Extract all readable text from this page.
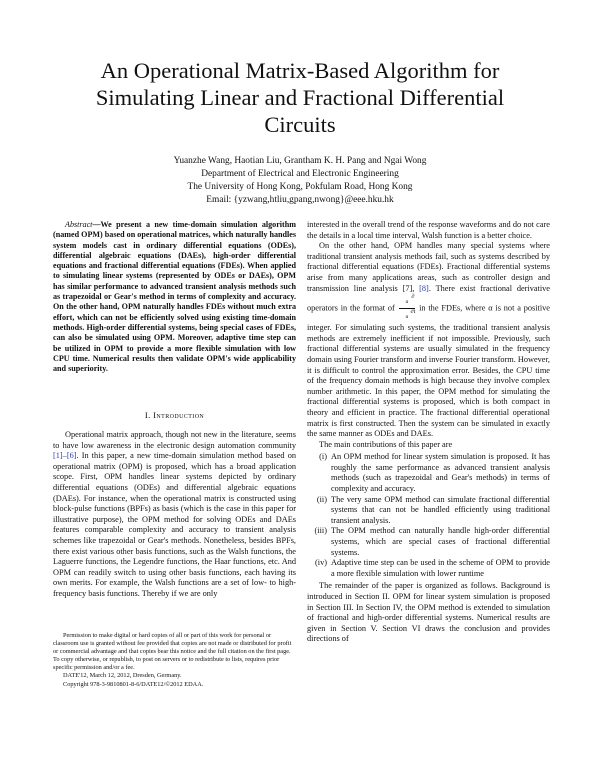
An Operational Matrix-Based Algorithm for Simulating Linear and Fractional Differential Circuits
Yuanzhe Wang, Haotian Liu, Grantham K. H. Pang and Ngai Wong
Department of Electrical and Electronic Engineering
The University of Hong Kong, Pokfulam Road, Hong Kong
Email: {yzwang,htliu,gpang,nwong}@eee.hku.hk

Abstract—We present a new time-domain simulation algorithm (named OPM) based on operational matrices, which naturally handles system models cast in ordinary differential equations (ODEs), differential algebraic equations (DAEs), high-order differential equations and fractional differential equations (FDEs). When applied to simulating linear systems (represented by ODEs or DAEs), OPM has similar performance to advanced transient analysis methods such as trapezoidal or Gear's method in terms of complexity and accuracy. On the other hand, OPM naturally handles FDEs without much extra effort, which can not be efficiently solved using existing time-domain methods. High-order differential systems, being special cases of FDEs, can also be simulated using OPM. Moreover, adaptive time step can be utilized in OPM to provide a more flexible simulation with low CPU time. Numerical results then validate OPM's wide applicability and superiority.

I. Introduction

Operational matrix approach, though not new in the literature, seems to have low awareness in the electronic design automation community [1]–[6]. In this paper, a new time-domain simulation method based on operational matrix (OPM) is proposed, which has a broad application scope. First, OPM handles linear systems depicted by ordinary differential equations (ODEs) and differential algebraic equations (DAEs). For instance, when the operational matrix is constructed using block-pulse functions (BPFs) as basis (which is the case in this paper for illustrative purpose), the OPM method for solving ODEs and DAEs features comparable complexity and accuracy to transient analysis schemes like trapezoidal or Gear's methods. Nonetheless, besides BPFs, there exist various other basis functions, such as the Walsh functions, the Laguerre functions, the Legendre functions, the Haar functions, etc. And OPM can readily switch to using other basis functions, each having its own merits. For example, the Walsh functions are a set of low- to high-frequency basis functions. Thereby if we are only

Permission to make digital or hard copies of all or part of this work for personal or classroom use is granted without fee provided that copies are not made or distributed for profit or commercial advantage and that copies bear this notice and the full citation on the first page. To copy otherwise, or republish, to post on servers or to redistribute to lists, requires prior specific permission and/or a fee.

DATE'12, March 12, 2012, Dresden, Germany.

Copyright 978-3-9810801-8-6/DATE12/©2012 EDAA.

interested in the overall trend of the response waveforms and do not care the details in a local time interval, Walsh function is a better choice.

On the other hand, OPM handles many special systems where traditional transient analysis methods fail, such as systems described by fractional differential equations (FDEs). Fractional differential systems arise from many applications areas, such as controller design and transmission line analysis [7], [8]. There exist fractional derivative operators in the format of ∂
$^\alpha$
∂t
$^\alpha$ in the FDEs, where α is not a positive integer. For simulating such systems, the traditional transient analysis methods are extremely inefficient if not impossible. Previously, such fractional differential systems are usually simulated in the frequency domain using Fourier transform and inverse Fourier transform. However, it is difficult to control the approximation error. Besides, the CPU time of the frequency domain methods is high because they involve complex number arithmetic. In this paper, the OPM method for simulating the fractional differential systems is proposed, which is both compact in theory and efficient in practice. The fractional differential operational matrix is first constructed. Then the system can be simulated in exactly the same manner as ODEs and DAEs.

The main contributions of this paper are

(i) An OPM method for linear system simulation is proposed. It has roughly the same performance as advanced transient analysis methods (such as trapezoidal and Gear's methods) in terms of complexity and accuracy.
(ii) The very same OPM method can simulate fractional differential systems that can not be handled efficiently using traditional transient analysis.
(iii) The OPM method can naturally handle high-order differential systems, which are special cases of fractional differential systems.
(iv) Adaptive time step can be used in the scheme of OPM to provide a more flexible simulation with lower runtime

The remainder of the paper is organized as follows. Background is introduced in Section II. OPM for linear system simulation is proposed in Section III. In Section IV, the OPM method is extended to simulation of fractional and high-order differential systems. Numerical results are given in Section V. Section VI draws the conclusion and provides directions of
